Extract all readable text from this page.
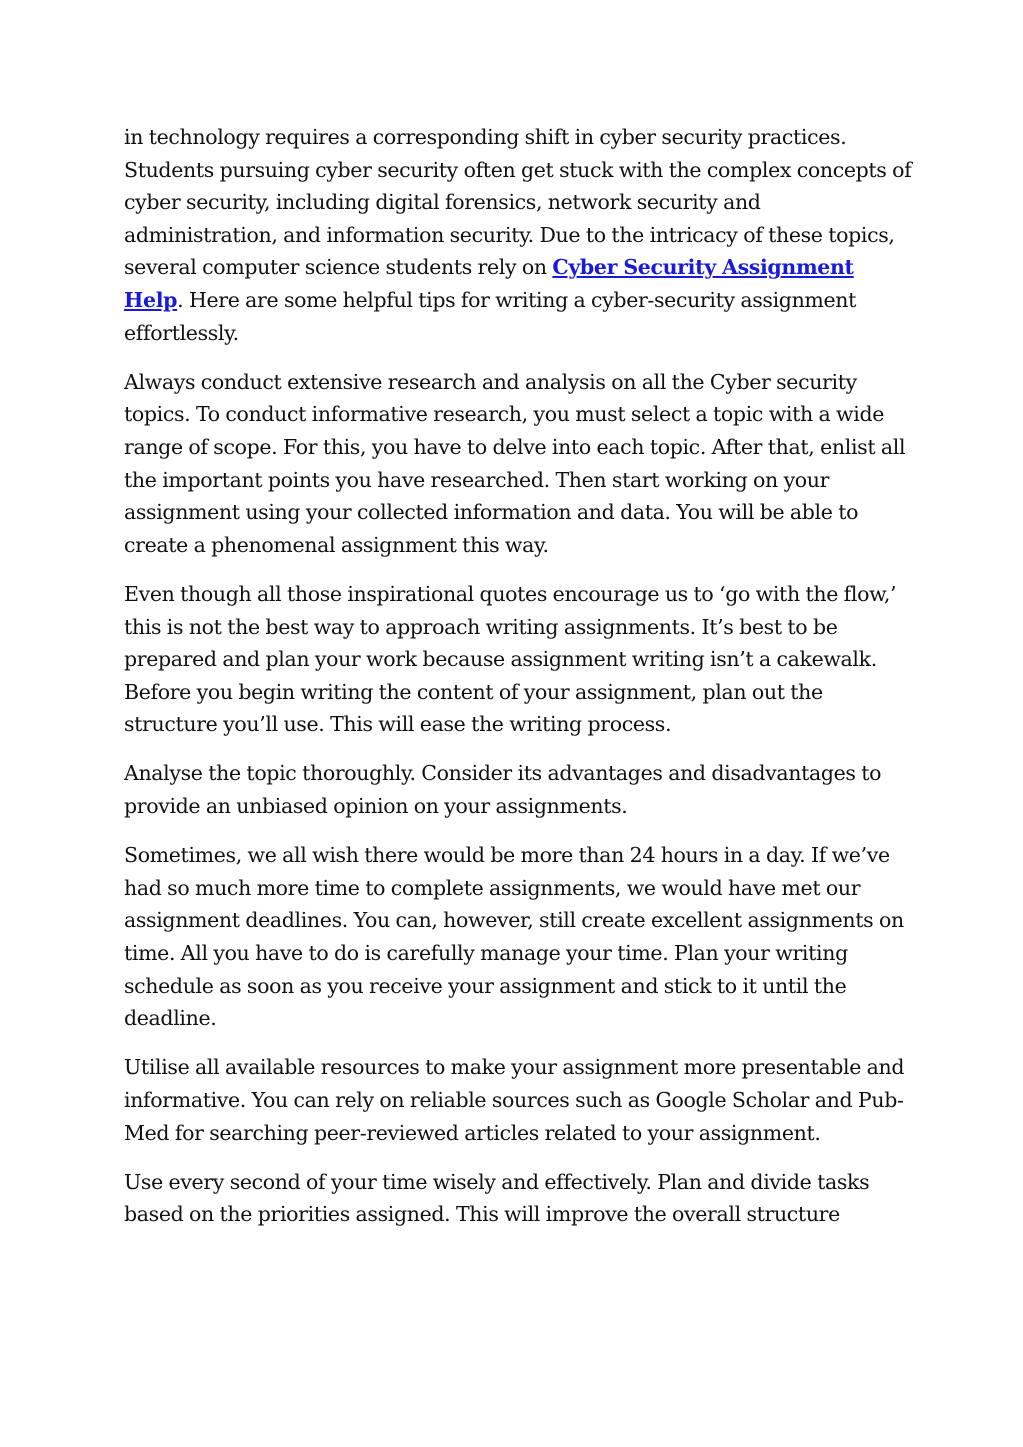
in technology requires a corresponding shift in cyber security practices. Students pursuing cyber security often get stuck with the complex concepts of cyber security, including digital forensics, network security and administration, and information security. Due to the intricacy of these topics, several computer science students rely on Cyber Security Assignment Help. Here are some helpful tips for writing a cyber-security assignment effortlessly.

Always conduct extensive research and analysis on all the Cyber security topics. To conduct informative research, you must select a topic with a wide range of scope. For this, you have to delve into each topic. After that, enlist all the important points you have researched. Then start working on your assignment using your collected information and data. You will be able to create a phenomenal assignment this way.

Even though all those inspirational quotes encourage us to ‘go with the flow,’ this is not the best way to approach writing assignments. It’s best to be prepared and plan your work because assignment writing isn’t a cakewalk. Before you begin writing the content of your assignment, plan out the structure you’ll use. This will ease the writing process.

Analyse the topic thoroughly. Consider its advantages and disadvantages to provide an unbiased opinion on your assignments.

Sometimes, we all wish there would be more than 24 hours in a day. If we’ve had so much more time to complete assignments, we would have met our assignment deadlines. You can, however, still create excellent assignments on time. All you have to do is carefully manage your time. Plan your writing schedule as soon as you receive your assignment and stick to it until the deadline.

Utilise all available resources to make your assignment more presentable and informative. You can rely on reliable sources such as Google Scholar and Pub-Med for searching peer-reviewed articles related to your assignment.

Use every second of your time wisely and effectively. Plan and divide tasks based on the priorities assigned. This will improve the overall structure
